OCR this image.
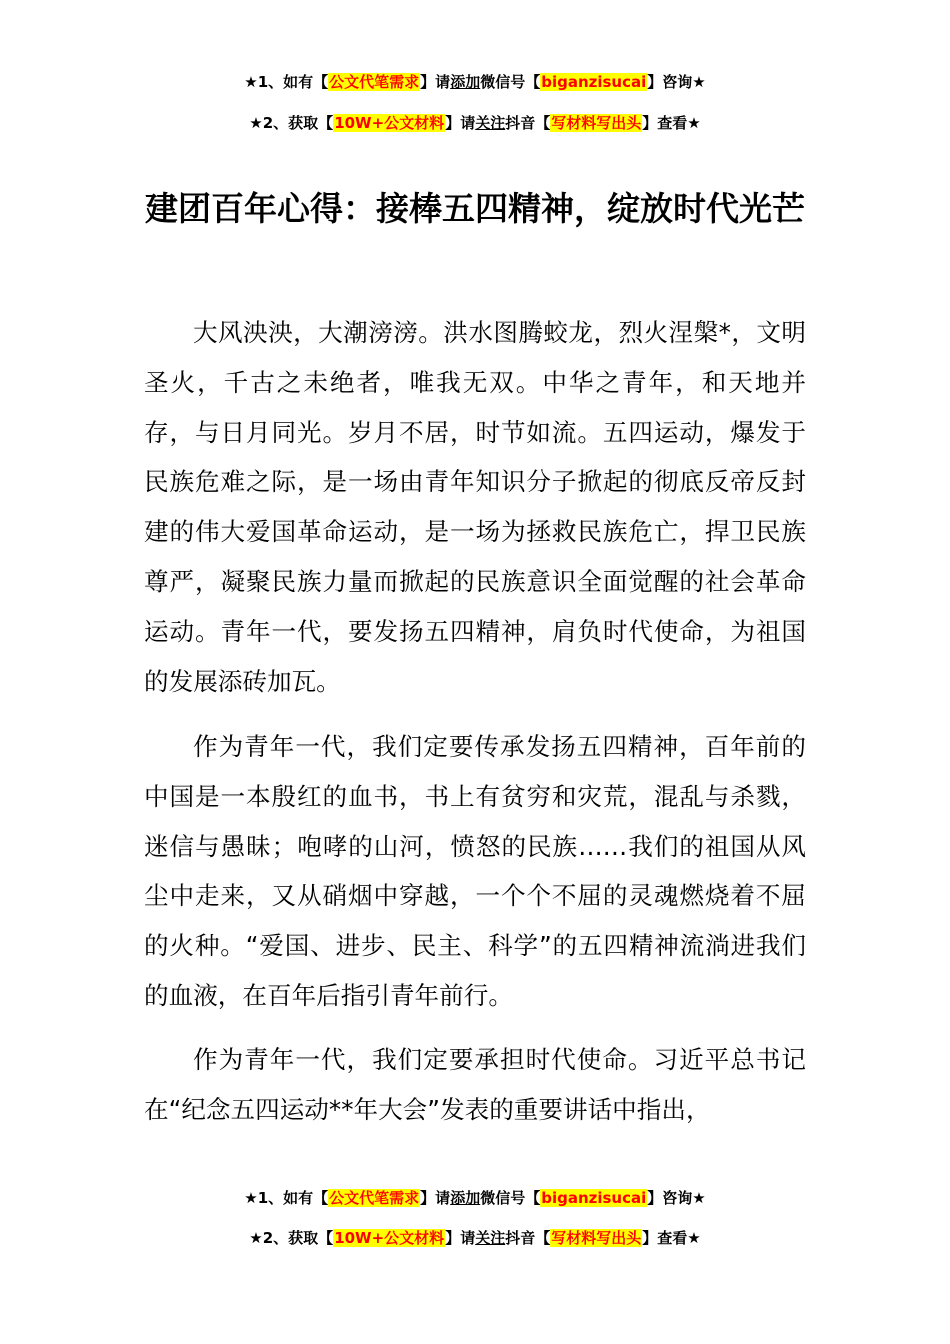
★1、如有【公文代笔需求】请添加微信号【biganzisucai】咨询★
★2、获取【10W+公文材料】请关注抖音【写材料写出头】查看★
建团百年心得：接棒五四精神，绽放时代光芒

大风泱泱，大潮滂滂。洪水图腾蛟龙，烈火涅槃*，文明圣火，千古之未绝者，唯我无双。中华之青年，和天地并存，与日月同光。岁月不居，时节如流。五四运动，爆发于民族危难之际，是一场由青年知识分子掀起的彻底反帝反封建的伟大爱国革命运动，是一场为拯救民族危亡，捍卫民族尊严，凝聚民族力量而掀起的民族意识全面觉醒的社会革命运动。青年一代，要发扬五四精神，肩负时代使命，为祖国的发展添砖加瓦。

作为青年一代，我们定要传承发扬五四精神，百年前的中国是一本殷红的血书，书上有贫穷和灾荒，混乱与杀戮，迷信与愚昧；咆哮的山河，愤怒的民族……我们的祖国从风尘中走来，又从硝烟中穿越，一个个不屈的灵魂燃烧着不屈的火种。“爱国、进步、民主、科学”的五四精神流淌进我们的血液，在百年后指引青年前行。

作为青年一代，我们定要承担时代使命。习近平总书记在“纪念五四运动**年大会”发表的重要讲话中指出，

★1、如有【公文代笔需求】请添加微信号【biganzisucai】咨询★
★2、获取【10W+公文材料】请关注抖音【写材料写出头】查看★
